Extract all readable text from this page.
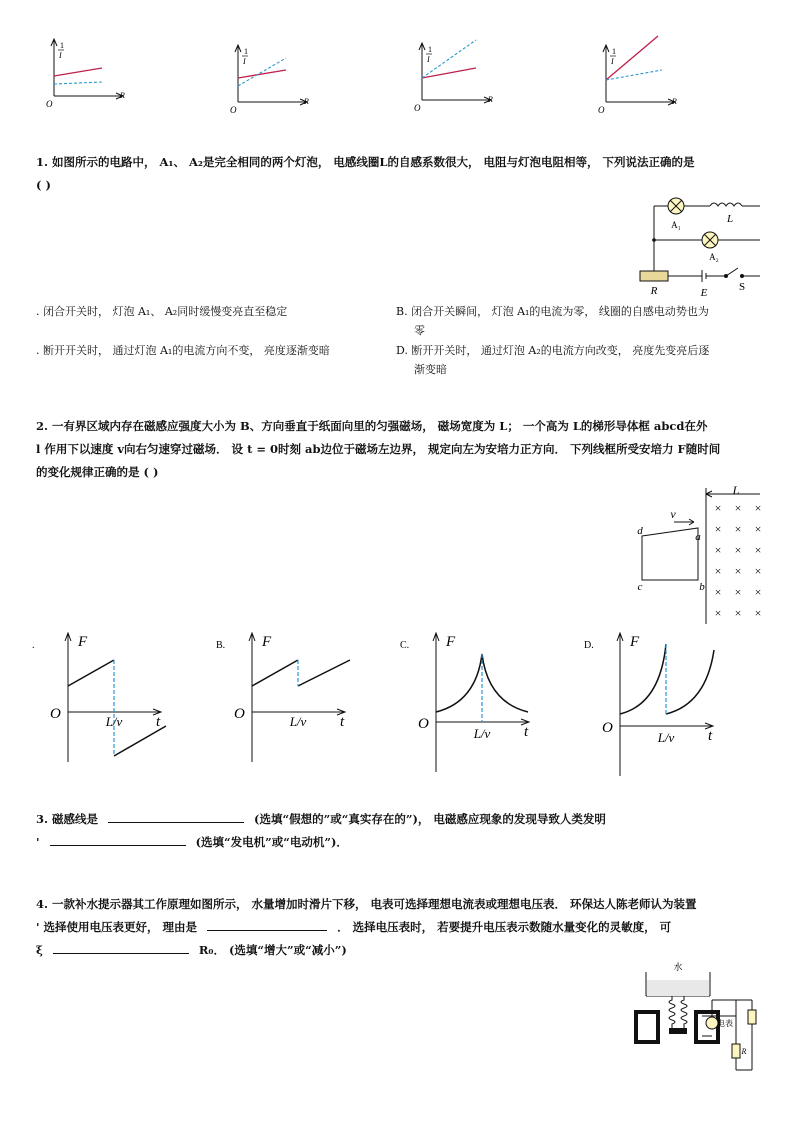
1
I
O
R
1
I
O
R
1
I
O
R
1
I
O
R
1. 如图所示的电路中， A₁、 A₂是完全相同的两个灯泡， 电感线圈L的自感系数很大， 电阻与灯泡电阻相等， 下列说法正确的是
( )
A₁	L
A₂
R	E	S
. 闭合开关时， 灯泡 A₁、 A₂同时缓慢变亮直至稳定	B. 闭合开关瞬间， 灯泡 A₁的电流为零， 线圈的自感电动势也为
零
. 断开开关时， 通过灯泡 A₁的电流方向不变， 亮度逐渐变暗	D. 断开开关时， 通过灯泡 A₂的电流方向改变， 亮度先变亮后逐
渐变暗
2. 一有界区域内存在磁感应强度大小为 B、方向垂直于纸面向里的匀强磁场， 磁场宽度为 L； 一个高为 L的梯形导体框 abcd在外
l 作用下以速度 v向右匀速穿过磁场． 设 t = 0时刻 ab边位于磁场左边界， 规定向左为安培力正方向． 下列线框所受安培力 F随时间
的变化规律正确的是 ( )
L
v
d	a
c	b
× × ×
× × ×
× × ×
× × ×
× × ×
× × ×
.	F
O	t
L/v
B. F
O	t
L/v
C. F
O	t
L/v
D. F
O	t
L/v
3. 磁感线是	(选填“假想的”或“真实存在的”)， 电磁感应现象的发现导致人类发明
'	(选填“发电机”或“电动机”)．
4. 一款补水提示器其工作原理如图所示， 水量增加时滑片下移， 电表可选择理想电流表或理想电压表． 环保达人陈老师认为装置
' 选择使用电压表更好， 理由是	． 选择电压表时， 若要提升电压表示数随水量变化的灵敏度， 可
ξ	R₀． (选填“增大”或“减小”)
水
电表
R
